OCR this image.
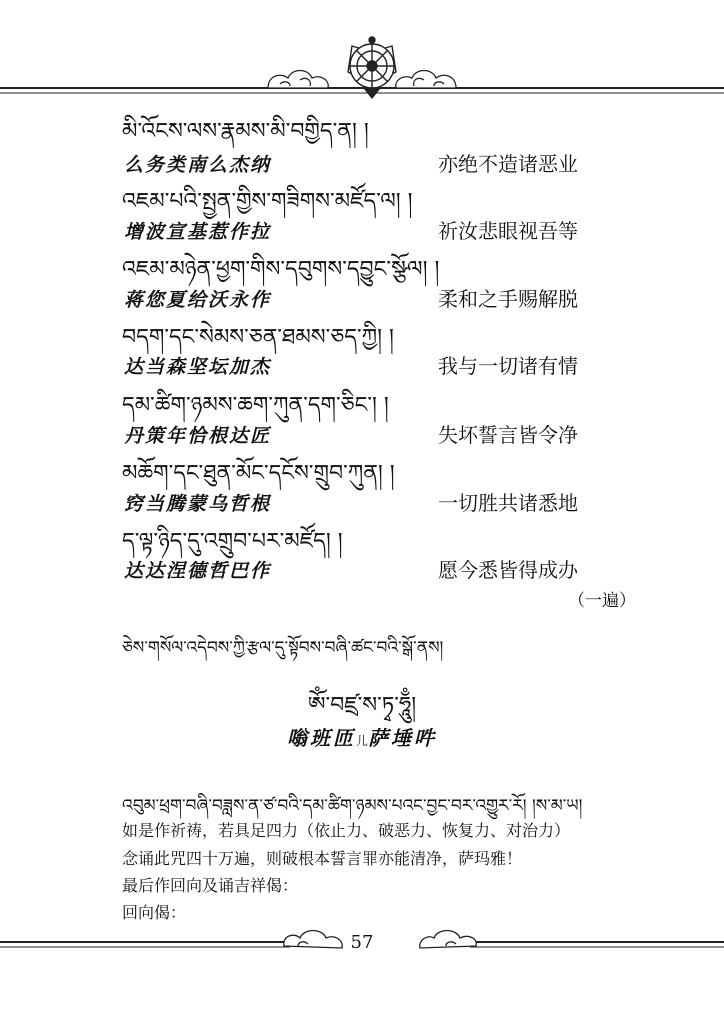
མི་འོངས་ལས་རྣམས་མི་བགྱིད་ན། །
么务类南么杰纳	亦绝不造诸恶业
འཇམ་པའི་སྤྱན་གྱིས་གཟིགས་མཛོད་ལ། །
增波宣基惹作拉	祈汝悲眼视吾等
འཇམ་མཉེན་ཕྱག་གིས་དབུགས་དབྱུང་སྩོལ། །
蒋您夏给沃永作	柔和之手赐解脱
བདག་དང་སེམས་ཅན་ཐམས་ཅད་ཀྱི། །
达当森坚坛加杰	我与一切诸有情
དམ་ཚིག་ཉམས་ཆག་ཀུན་དག་ཅིང་། །
丹策年恰根达匠	失坏誓言皆令净
མཆོག་དང་ཐུན་མོང་དངོས་གྲུབ་ཀུན། །
窍当腾蒙乌哲根	一切胜共诸悉地
ད་ལྟ་ཉིད་དུ་འགྲུབ་པར་མཛོད། །
达达涅德哲巴作	愿今悉皆得成办
（一遍）
ཅེས་གསོལ་འདེབས་ཀྱི་རྩལ་དུ་སྟོབས་བཞི་ཚང་བའི་སྒོ་ནས།
ཨོཾ་བཛྲ་ས་ཏྭ་ཧཱུྃ།
嗡班匝儿萨埵吽
འབུམ་ཕྲག་བཞི་བཟླས་ན་ཙ་བའི་དམ་ཚིག་ཉམས་པའང་བྱང་བར་འགྱུར་རོ། །ས་མ་ཡ།
如是作祈祷，若具足四力（依止力、破恶力、恢复力、对治力）
念诵此咒四十万遍，则破根本誓言罪亦能清净，萨玛雅！
最后作回向及诵吉祥偈：
回向偈：
57
